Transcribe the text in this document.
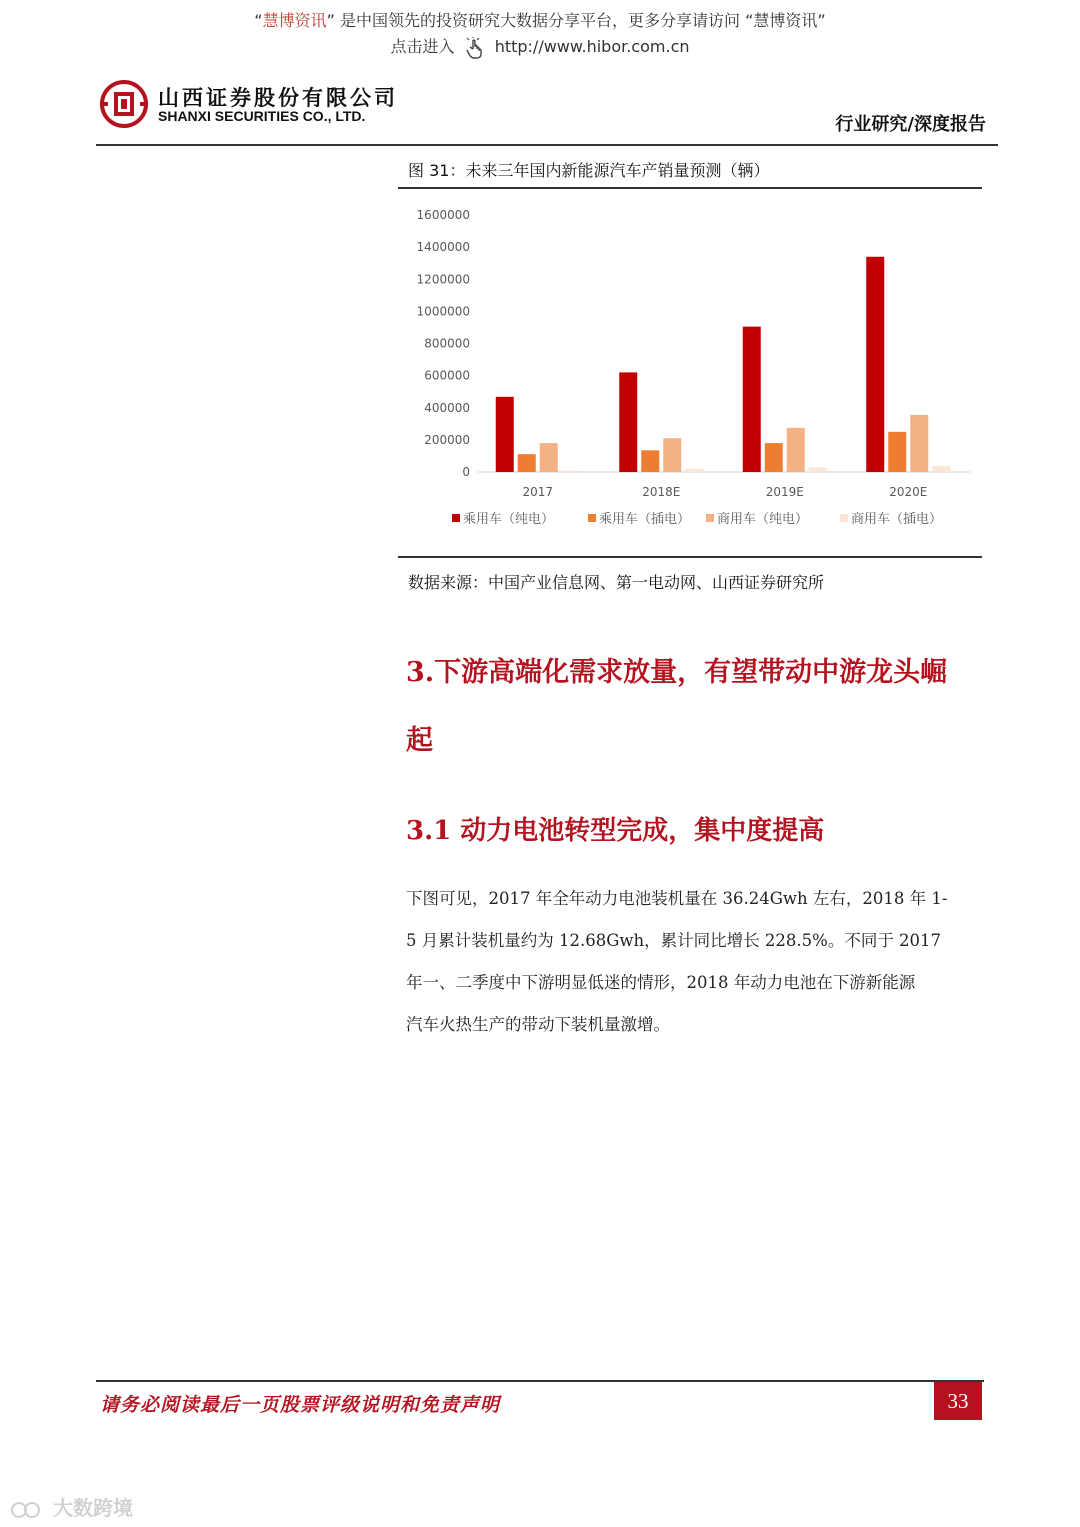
“慧博资讯” 是中国领先的投资研究大数据分享平台，更多分享请访问 “慧博资讯”
点击进入	http://www.hibor.com.cn
山西证券股份有限公司
SHANXI SECURITIES CO., LTD.	行业研究/深度报告
图 31：未来三年国内新能源汽车产销量预测（辆）
1600000
1400000
1200000
1000000
800000
600000
400000
200000
0
2017	2018E	2019E	2020E
乘用车（纯电）	乘用车（插电） 商用车（纯电）	商用车（插电）
数据来源：中国产业信息网、第一电动网、山西证券研究所
3.下游高端化需求放量，有望带动中游龙头崛
起
3.1 动力电池转型完成，集中度提高
下图可见，2017 年全年动力电池装机量在 36.24Gwh 左右，2018 年 1-
5 月累计装机量约为 12.68Gwh，累计同比增长 228.5%。不同于 2017
年一、二季度中下游明显低迷的情形，2018 年动力电池在下游新能源
汽车火热生产的带动下装机量激增。
请务必阅读最后一页股票评级说明和免责声明	33
大数跨境
